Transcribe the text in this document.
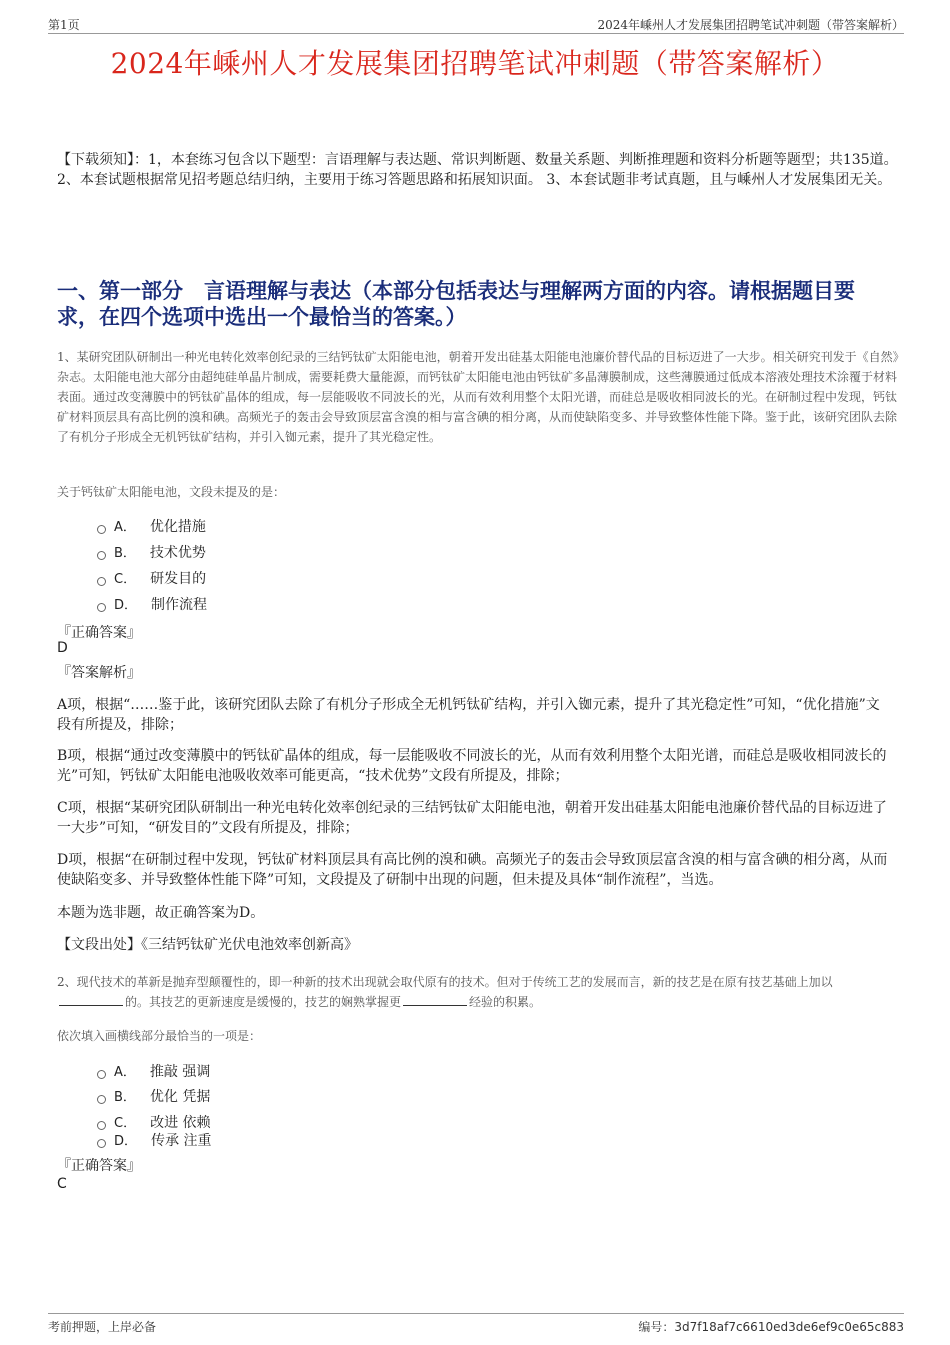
第1页	2024年嵊州人才发展集团招聘笔试冲刺题（带答案解析）
2024年嵊州人才发展集团招聘笔试冲刺题（带答案解析）

【下载须知】：1，本套练习包含以下题型：言语理解与表达题、常识判断题、数量关系题、判断推理题和资料分析题等题型；共135道。 2、本套试题根据常见招考题总结归纳，主要用于练习答题思路和拓展知识面。 3、本套试题非考试真题，且与嵊州人才发展集团无关。

一、第一部分　言语理解与表达（本部分包括表达与理解两方面的内容。请根据题目要求，在四个选项中选出一个最恰当的答案。）

1、某研究团队研制出一种光电转化效率创纪录的三结钙钛矿太阳能电池，朝着开发出硅基太阳能电池廉价替代品的目标迈进了一大步。相关研究刊发于《自然》杂志。太阳能电池大部分由超纯硅单晶片制成，需要耗费大量能源，而钙钛矿太阳能电池由钙钛矿多晶薄膜制成，这些薄膜通过低成本溶液处理技术涂覆于材料表面。通过改变薄膜中的钙钛矿晶体的组成，每一层能吸收不同波长的光，从而有效利用整个太阳光谱，而硅总是吸收相同波长的光。在研制过程中发现，钙钛矿材料顶层具有高比例的溴和碘。高频光子的轰击会导致顶层富含溴的相与富含碘的相分离，从而使缺陷变多、并导致整体性能下降。鉴于此，该研究团队去除了有机分子形成全无机钙钛矿结构，并引入铷元素，提升了其光稳定性。

关于钙钛矿太阳能电池，文段未提及的是：

A． 优化措施
B． 技术优势
C． 研发目的
D． 制作流程
『正确答案』
D
『答案解析』

A项，根据“……鉴于此，该研究团队去除了有机分子形成全无机钙钛矿结构，并引入铷元素，提升了其光稳定性”可知，“优化措施”文段有所提及，排除；

B项，根据“通过改变薄膜中的钙钛矿晶体的组成，每一层能吸收不同波长的光，从而有效利用整个太阳光谱，而硅总是吸收相同波长的光”可知，钙钛矿太阳能电池吸收效率可能更高，“技术优势”文段有所提及，排除；

C项，根据“某研究团队研制出一种光电转化效率创纪录的三结钙钛矿太阳能电池，朝着开发出硅基太阳能电池廉价替代品的目标迈进了一大步”可知，“研发目的”文段有所提及，排除；

D项，根据“在研制过程中发现，钙钛矿材料顶层具有高比例的溴和碘。高频光子的轰击会导致顶层富含溴的相与富含碘的相分离，从而使缺陷变多、并导致整体性能下降”可知，文段提及了研制中出现的问题，但未提及具体“制作流程”，当选。

本题为选非题，故正确答案为D。

【文段出处】《三结钙钛矿光伏电池效率创新高》

2、现代技术的革新是抛弃型颠覆性的，即一种新的技术出现就会取代原有的技术。但对于传统工艺的发展而言，新的技艺是在原有技艺基础上加以的。其技艺的更新速度是缓慢的，技艺的娴熟掌握更	经验的积累。

依次填入画横线部分最恰当的一项是：

A． 推敲 强调
B． 优化 凭据
C． 改进 依赖
D． 传承 注重
『正确答案』
C
考前押题，上岸必备	编号：3d7f18af7c6610ed3de6ef9c0e65c883
